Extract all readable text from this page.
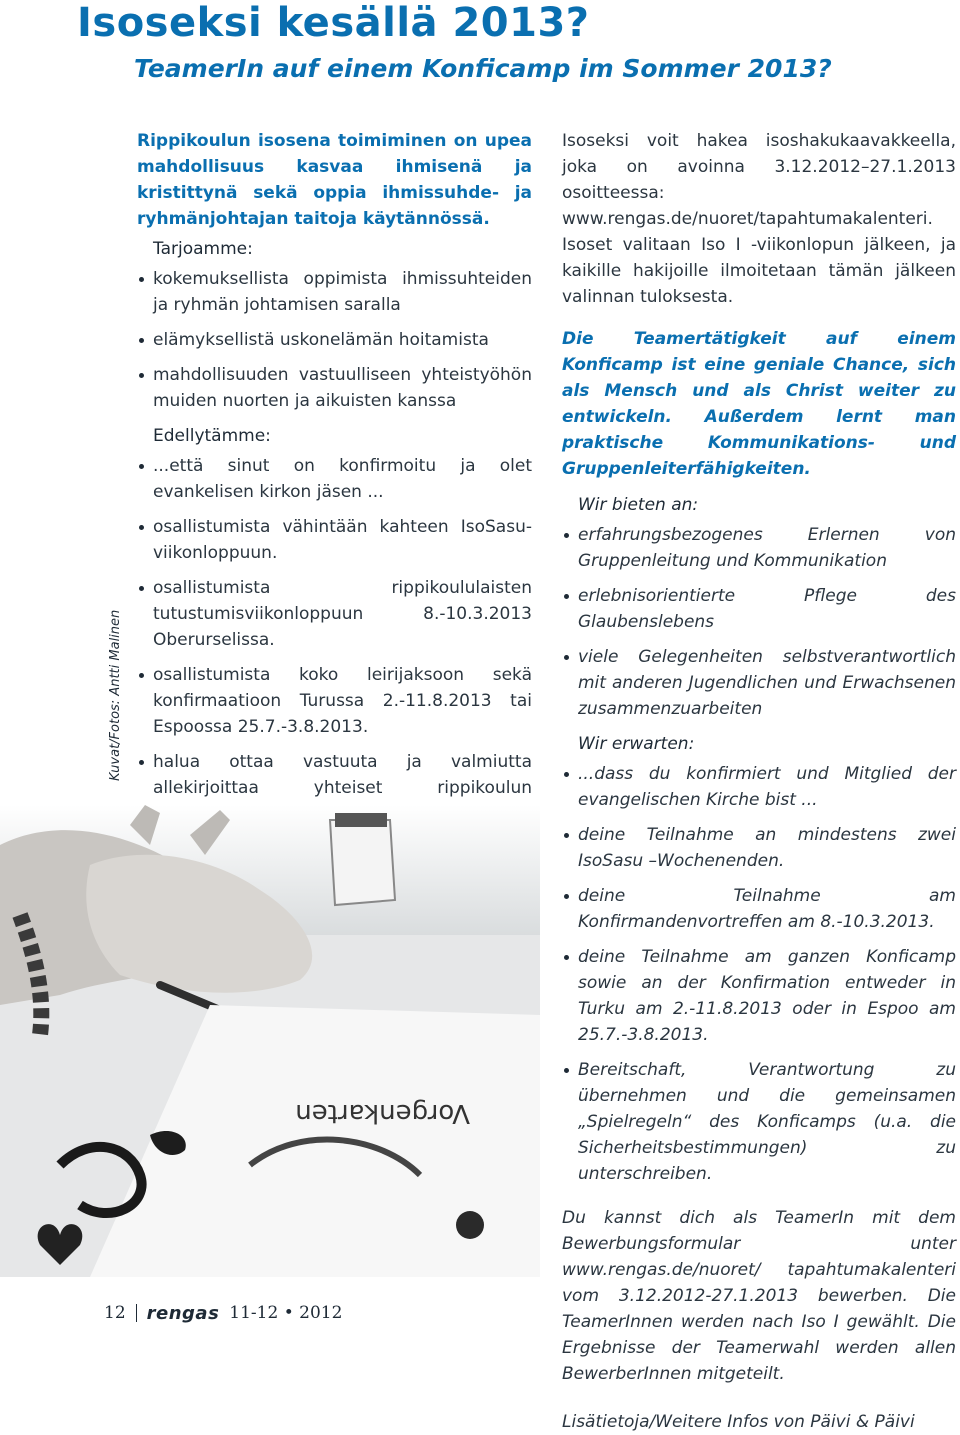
Isoseksi kesällä 2013?
TeamerIn auf einem Konficamp im Sommer 2013?
Kuvat/Fotos: Antti Malinen

Rippikoulun isosena toimiminen on upea mahdollisuus kasvaa ihmisenä ja kristittynä sekä oppia ihmissuhde- ja ryhmänjohtajan taitoja käytännössä.

Tarjoamme:
kokemuksellista oppimista ihmissuhteiden ja ryhmän johtamisen saralla
elämyksellistä uskonelämän hoitamista
mahdollisuuden vastuulliseen yhteistyöhön muiden nuorten ja aikuisten kanssa
Edellytämme:
...että sinut on konfirmoitu ja olet evankelisen kirkon jäsen ...
osallistumista vähintään kahteen IsoSasu-viikonloppuun.
osallistumista rippikoululaisten tutustumisviikonloppuun 8.-10.3.2013 Oberurselissa.
osallistumista koko leirijaksoon sekä konfirmaatioon Turussa 2.-11.8.2013 tai Espoossa 25.7.-3.8.2013.
halua ottaa vastuuta ja valmiutta allekirjoittaa yhteiset rippikoulun

Isoseksi voit hakea isoshakukaavakkeella, joka on avoinna 3.12.2012–27.1.2013 osoitteessa: www.rengas.de/nuoret/tapahtumakalenteri. Isoset valitaan Iso I -viikonlopun jälkeen, ja kaikille hakijoille ilmoitetaan tämän jälkeen valinnan tuloksesta.

Die Teamertätigkeit auf einem Konficamp ist eine geniale Chance, sich als Mensch und als Christ weiter zu entwickeln. Außerdem lernt man praktische Kommunikations- und Gruppenleiterfähigkeiten.

Wir bieten an:
erfahrungsbezogenes Erlernen von Gruppenleitung und Kommunikation
erlebnisorientierte Pflege des Glaubenslebens
viele Gelegenheiten selbstverantwortlich mit anderen Jugendlichen und Erwachsenen zusammenzuarbeiten
Wir erwarten:
...dass du konfirmiert und Mitglied der evangelischen Kirche bist ...
deine Teilnahme an mindestens zwei IsoSasu –Wochenenden.
deine Teilnahme am Konfirmandenvortreffen am 8.-10.3.2013.
deine Teilnahme am ganzen Konficamp sowie an der Konfirmation entweder in Turku am 2.-11.8.2013 oder in Espoo am 25.7.-3.8.2013.
Bereitschaft, Verantwortung zu übernehmen und die gemeinsamen „Spielregeln“ des Konficamps (u.a. die Sicherheitsbestimmungen) zu unterschreiben.

Du kannst dich als TeamerIn mit dem Bewerbungsformular unter www.rengas.de/nuoret/ tapahtumakalenteri vom 3.12.2012-27.1.2013 bewerben. Die TeamerInnen werden nach Iso I gewählt. Die Ergebnisse der Teamerwahl werden allen BewerberInnen mitgeteilt.

Lisätietoja/Weitere Infos von Päivi & Päivi

Vorgenkarten
12 rengas 11-12 • 2012
